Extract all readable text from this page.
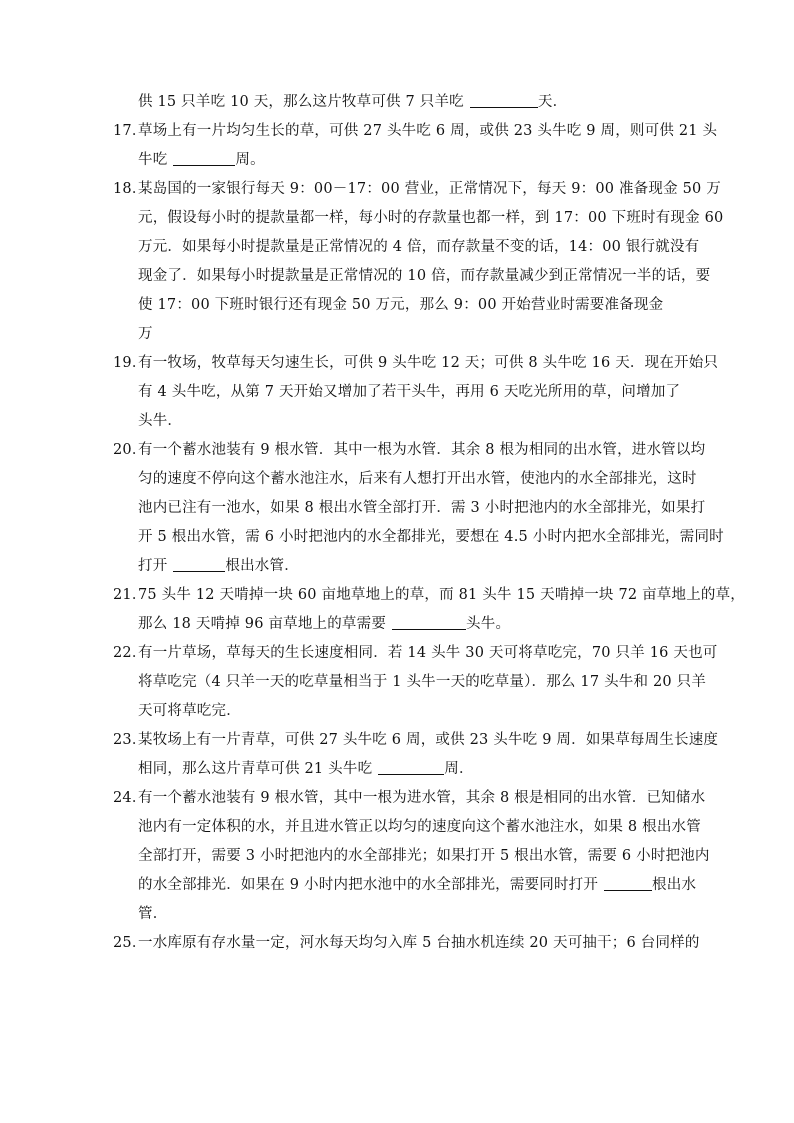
供 15 只羊吃 10 天，那么这片牧草可供 7 只羊吃	天．
17．草场上有一片均匀生长的草，可供 27 头牛吃 6 周，或供 23 头牛吃 9 周，则可供 21 头
牛吃	周。
18．某岛国的一家银行每天 9：00－17：00 营业，正常情况下，每天 9：00 准备现金 50 万
元，假设每小时的提款量都一样，每小时的存款量也都一样，到 17：00 下班时有现金 60
万元．如果每小时提款量是正常情况的 4 倍，而存款量不变的话，14：00 银行就没有
现金了．如果每小时提款量是正常情况的 10 倍，而存款量减少到正常情况一半的话，要
使 17：00 下班时银行还有现金 50 万元，那么 9：00 开始营业时需要准备现金
万
19．有一牧场，牧草每天匀速生长，可供 9 头牛吃 12 天；可供 8 头牛吃 16 天．现在开始只
有 4 头牛吃，从第 7 天开始又增加了若干头牛，再用 6 天吃光所用的草，问增加了
头牛．
20．有一个蓄水池装有 9 根水管．其中一根为水管．其余 8 根为相同的出水管，进水管以均
匀的速度不停向这个蓄水池注水，后来有人想打开出水管，使池内的水全部排光，这时
池内已注有一池水，如果 8 根出水管全部打开．需 3 小时把池内的水全部排光，如果打
开 5 根出水管，需 6 小时把池内的水全都排光，要想在 4.5 小时内把水全部排光，需同时
打开	根出水管．
21．75 头牛 12 天啃掉一块 60 亩地草地上的草，而 81 头牛 15 天啃掉一块 72 亩草地上的草，
那么 18 天啃掉 96 亩草地上的草需要	头牛。
22．有一片草场，草每天的生长速度相同．若 14 头牛 30 天可将草吃完，70 只羊 16 天也可
将草吃完（4 只羊一天的吃草量相当于 1 头牛一天的吃草量）．那么 17 头牛和 20 只羊
天可将草吃完．
23．某牧场上有一片青草，可供 27 头牛吃 6 周，或供 23 头牛吃 9 周．如果草每周生长速度
相同，那么这片青草可供 21 头牛吃	周．
24．有一个蓄水池装有 9 根水管，其中一根为进水管，其余 8 根是相同的出水管．已知储水
池内有一定体积的水，并且进水管正以均匀的速度向这个蓄水池注水，如果 8 根出水管
全部打开，需要 3 小时把池内的水全部排光；如果打开 5 根出水管，需要 6 小时把池内
的水全部排光．如果在 9 小时内把水池中的水全部排光，需要同时打开	根出水
管．
25．一水库原有存水量一定，河水每天均匀入库 5 台抽水机连续 20 天可抽干；6 台同样的
